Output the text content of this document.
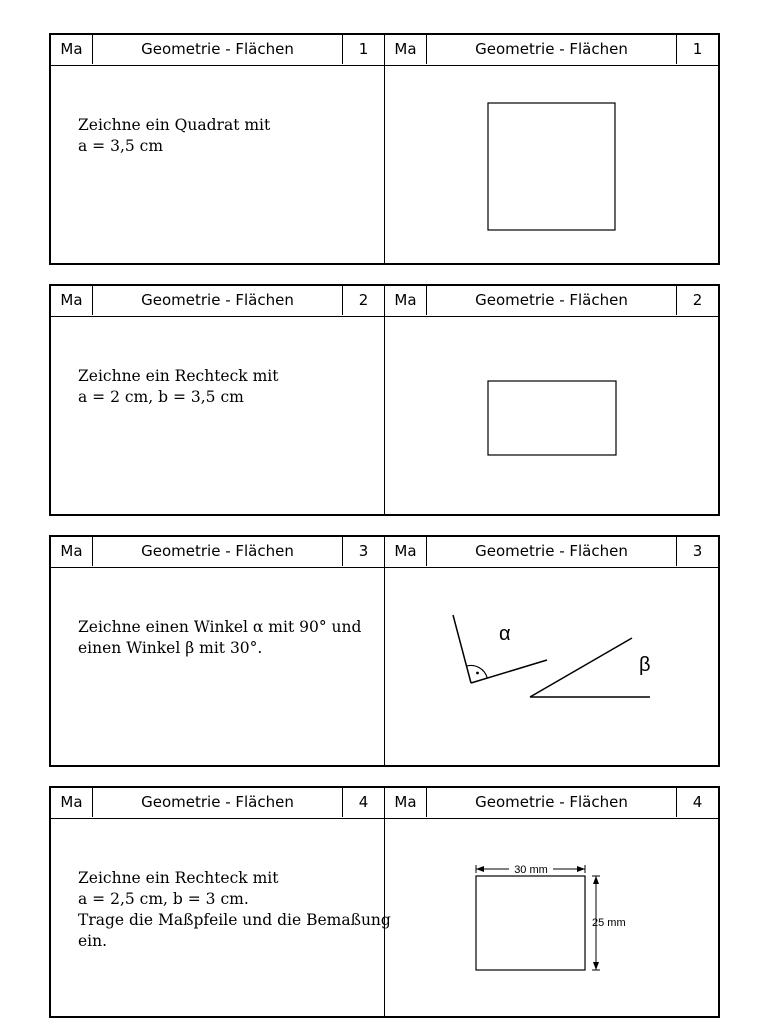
Ma	Geometrie - Flächen	1	Ma	Geometrie - Flächen	1
Zeichne ein Quadrat mit
a = 3,5 cm
Ma	Geometrie - Flächen	2	Ma	Geometrie - Flächen	2
Zeichne ein Rechteck mit
a = 2 cm, b = 3,5 cm
Ma	Geometrie - Flächen	3	Ma	Geometrie - Flächen	3
Zeichne einen Winkel α mit 90° und
einen Winkel β mit 30°.
α
β
Ma	Geometrie - Flächen	4	Ma	Geometrie - Flächen	4
Zeichne ein Rechteck mit
a = 2,5 cm, b = 3 cm.
Trage die Maßpfeile und die Bemaßung
ein.
30 mm
25 mm
